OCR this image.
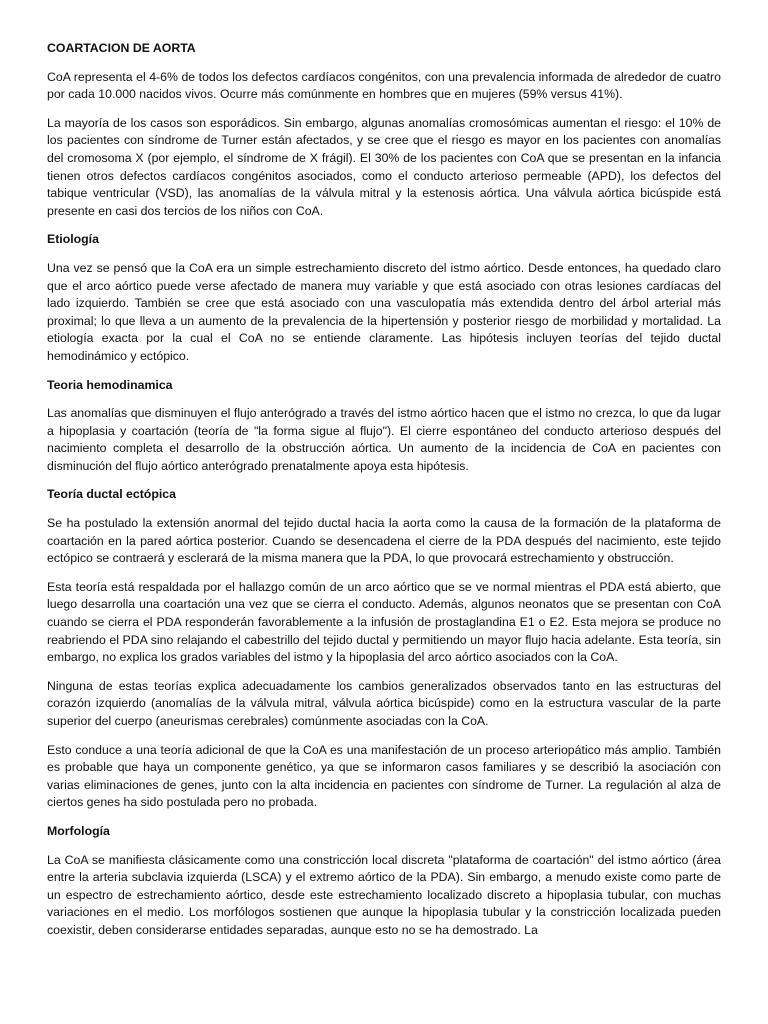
COARTACION DE AORTA

CoA representa el 4-6% de todos los defectos cardíacos congénitos, con una prevalencia informada de alrededor de cuatro por cada 10.000 nacidos vivos. Ocurre más comúnmente en hombres que en mujeres (59% versus 41%).

La mayoría de los casos son esporádicos. Sin embargo, algunas anomalías cromosómicas aumentan el riesgo: el 10% de los pacientes con síndrome de Turner están afectados, y se cree que el riesgo es mayor en los pacientes con anomalías del cromosoma X (por ejemplo, el síndrome de X frágil). El 30% de los pacientes con CoA que se presentan en la infancia tienen otros defectos cardíacos congénitos asociados, como el conducto arterioso permeable (APD), los defectos del tabique ventricular (VSD), las anomalías de la válvula mitral y la estenosis aórtica. Una válvula aórtica bicúspide está presente en casi dos tercios de los niños con CoA.

Etiología

Una vez se pensó que la CoA era un simple estrechamiento discreto del istmo aórtico. Desde entonces, ha quedado claro que el arco aórtico puede verse afectado de manera muy variable y que está asociado con otras lesiones cardíacas del lado izquierdo. También se cree que está asociado con una vasculopatía más extendida dentro del árbol arterial más proximal; lo que lleva a un aumento de la prevalencia de la hipertensión y posterior riesgo de morbilidad y mortalidad. La etiología exacta por la cual el CoA no se entiende claramente. Las hipótesis incluyen teorías del tejido ductal hemodinámico y ectópico.

Teoria hemodinamica

Las anomalías que disminuyen el flujo anterógrado a través del istmo aórtico hacen que el istmo no crezca, lo que da lugar a hipoplasia y coartación (teoría de "la forma sigue al flujo"). El cierre espontáneo del conducto arterioso después del nacimiento completa el desarrollo de la obstrucción aórtica. Un aumento de la incidencia de CoA en pacientes con disminución del flujo aórtico anterógrado prenatalmente apoya esta hipótesis.

Teoría ductal ectópica

Se ha postulado la extensión anormal del tejido ductal hacia la aorta como la causa de la formación de la plataforma de coartación en la pared aórtica posterior. Cuando se desencadena el cierre de la PDA después del nacimiento, este tejido ectópico se contraerá y esclerará de la misma manera que la PDA, lo que provocará estrechamiento y obstrucción.

Esta teoría está respaldada por el hallazgo común de un arco aórtico que se ve normal mientras el PDA está abierto, que luego desarrolla una coartación una vez que se cierra el conducto. Además, algunos neonatos que se presentan con CoA cuando se cierra el PDA responderán favorablemente a la infusión de prostaglandina E1 o E2. Esta mejora se produce no reabriendo el PDA sino relajando el cabestrillo del tejido ductal y permitiendo un mayor flujo hacia adelante. Esta teoría, sin embargo, no explica los grados variables del istmo y la hipoplasia del arco aórtico asociados con la CoA.

Ninguna de estas teorías explica adecuadamente los cambios generalizados observados tanto en las estructuras del corazón izquierdo (anomalías de la válvula mitral, válvula aórtica bicúspide) como en la estructura vascular de la parte superior del cuerpo (aneurismas cerebrales) comúnmente asociadas con la CoA.

Esto conduce a una teoría adicional de que la CoA es una manifestación de un proceso arteriopático más amplio. También es probable que haya un componente genético, ya que se informaron casos familiares y se describió la asociación con varias eliminaciones de genes, junto con la alta incidencia en pacientes con síndrome de Turner. La regulación al alza de ciertos genes ha sido postulada pero no probada.

Morfología

La CoA se manifiesta clásicamente como una constricción local discreta "plataforma de coartación" del istmo aórtico (área entre la arteria subclavia izquierda (LSCA) y el extremo aórtico de la PDA). Sin embargo, a menudo existe como parte de un espectro de estrechamiento aórtico, desde este estrechamiento localizado discreto a hipoplasia tubular, con muchas variaciones en el medio. Los morfólogos sostienen que aunque la hipoplasia tubular y la constricción localizada pueden coexistir, deben considerarse entidades separadas, aunque esto no se ha demostrado. La
